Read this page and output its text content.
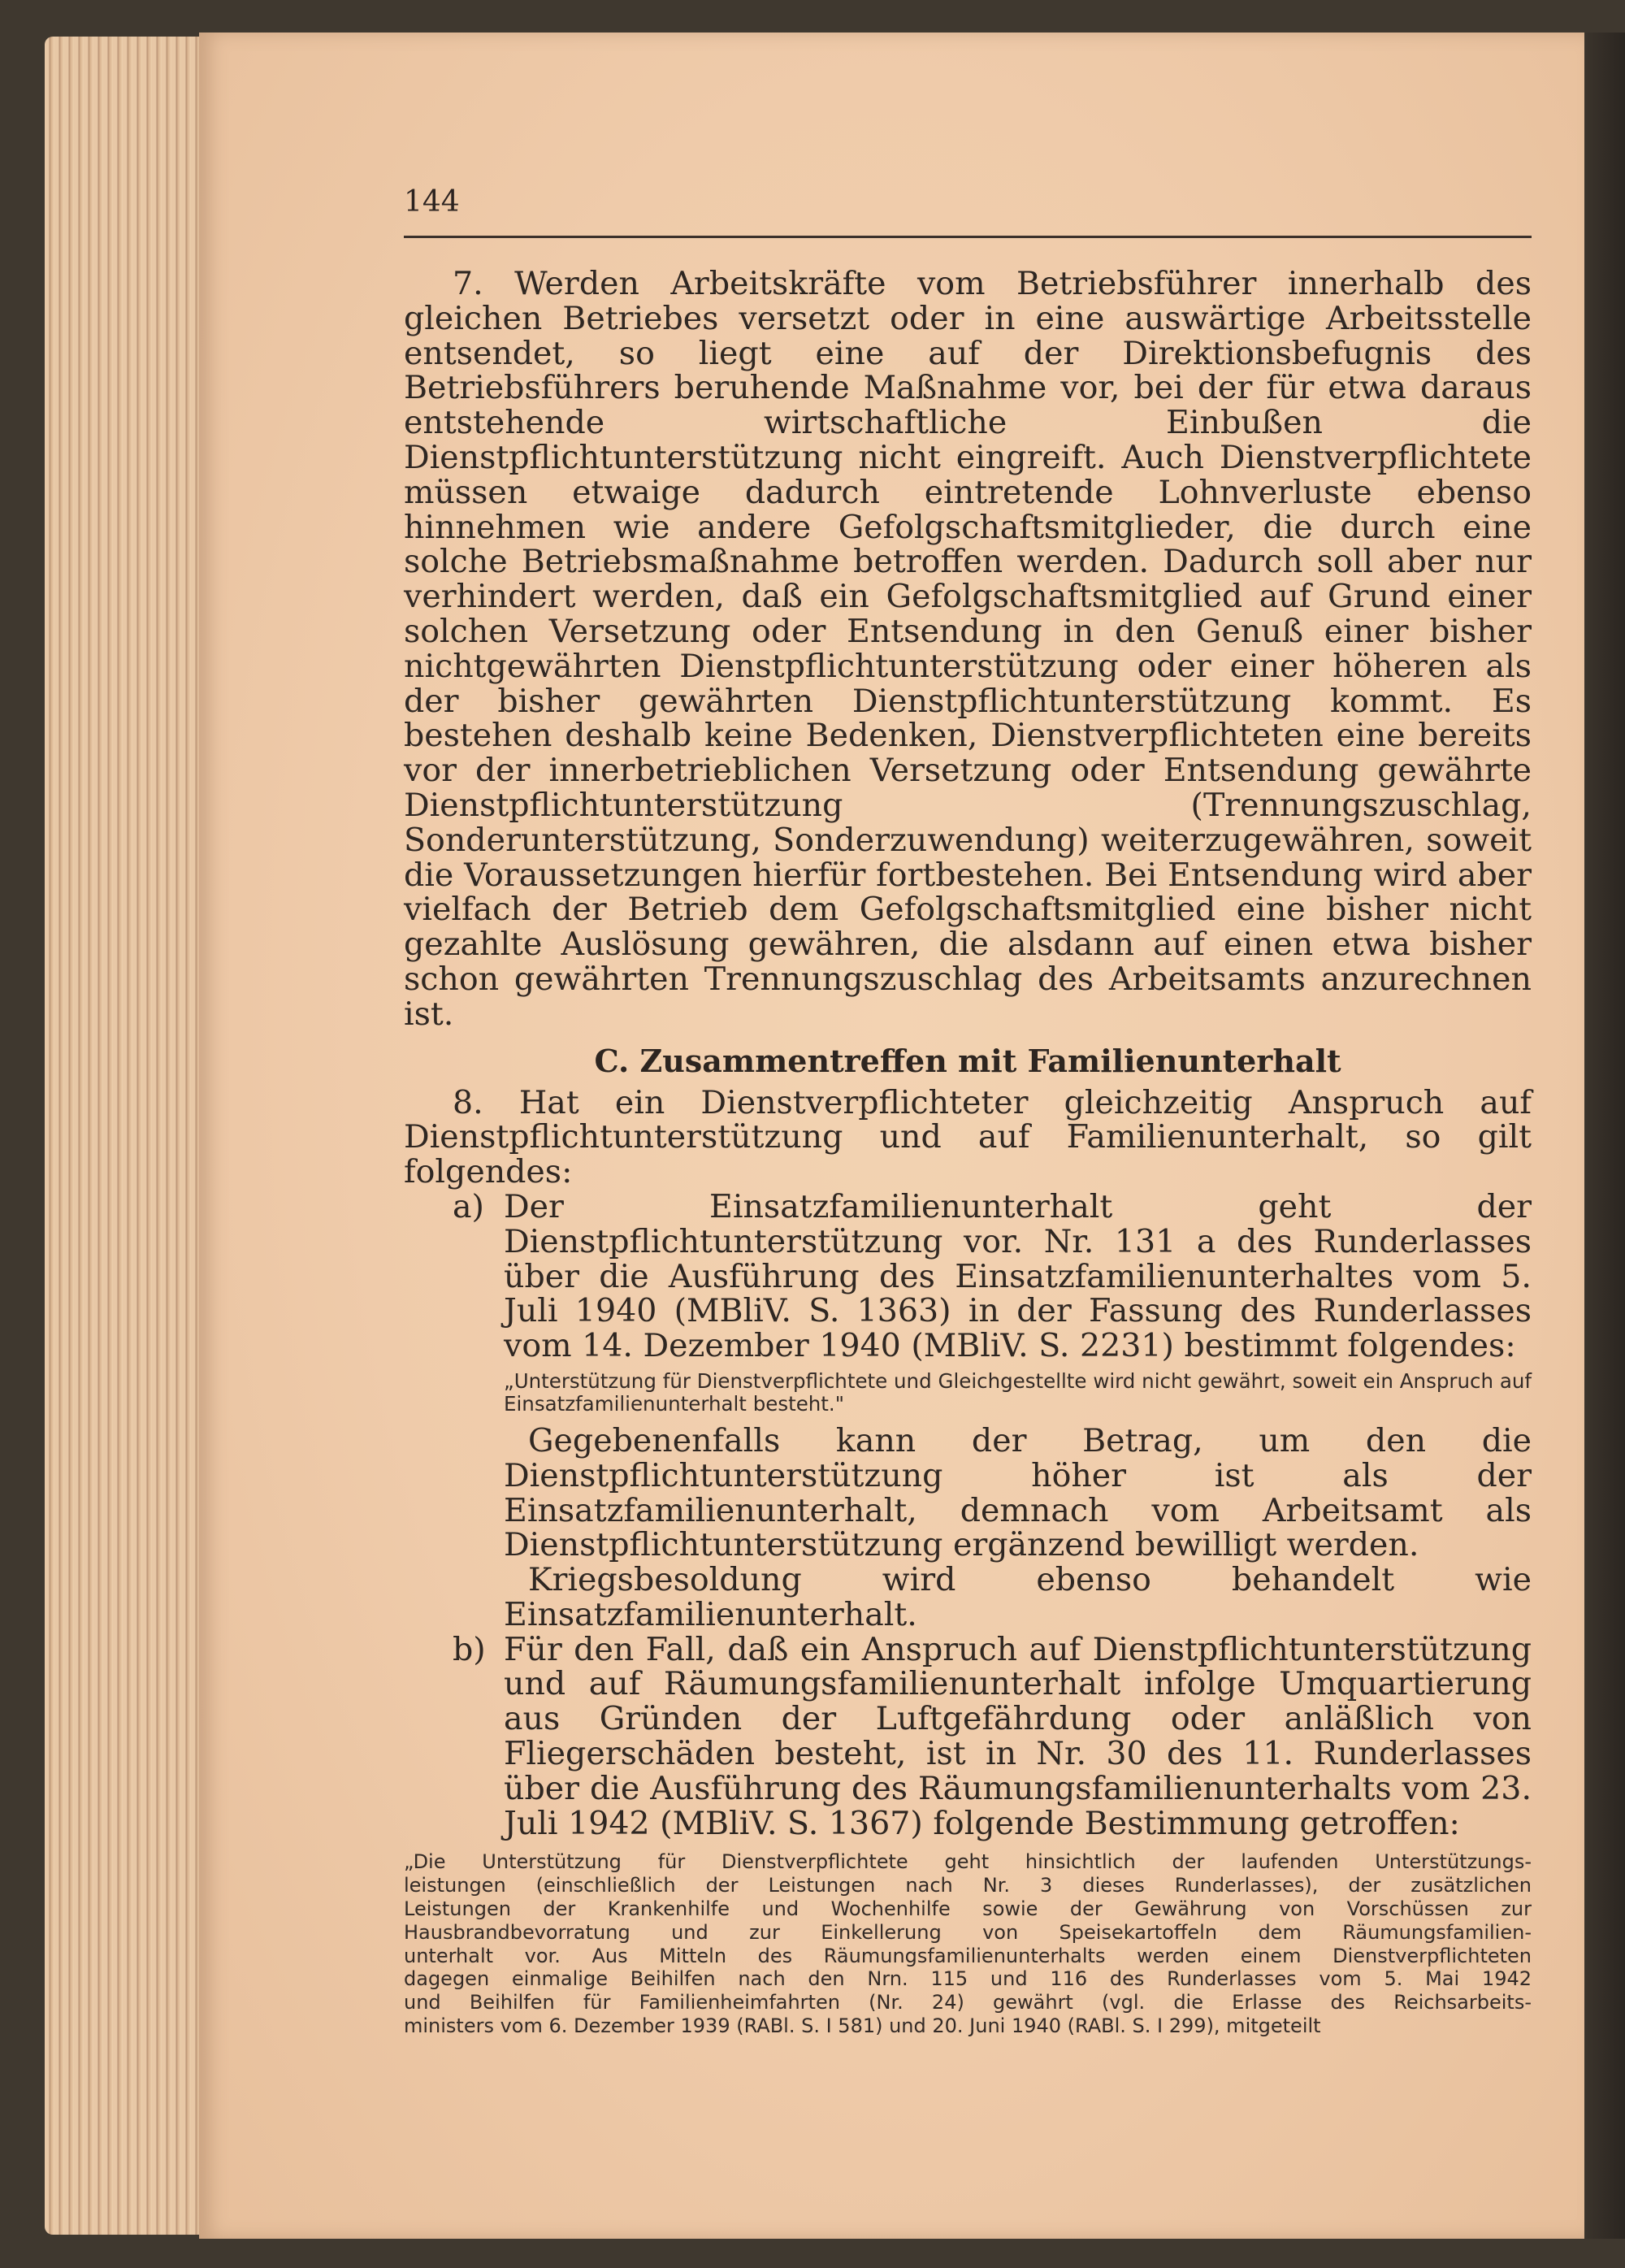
144

7. Werden Arbeitskräfte vom Betriebsführer innerhalb des gleichen Betriebes versetzt oder in eine auswärtige Arbeitsstelle entsendet, so liegt eine auf der Direktionsbefugnis des Betriebsführers beruhende Maßnahme vor, bei der für etwa daraus entstehende wirtschaftliche Einbußen die Dienstpflichtunterstützung nicht eingreift. Auch Dienstverpflichtete müssen etwaige dadurch eintretende Lohnverluste ebenso hinnehmen wie andere Gefolgschaftsmitglieder, die durch eine solche Betriebsmaßnahme betroffen werden. Dadurch soll aber nur verhindert werden, daß ein Gefolgschaftsmitglied auf Grund einer solchen Versetzung oder Entsendung in den Genuß einer bisher nichtgewährten Dienstpflichtunterstützung oder einer höheren als der bisher gewährten Dienstpflichtunterstützung kommt. Es bestehen deshalb keine Bedenken, Dienstverpflichteten eine bereits vor der innerbetrieblichen Versetzung oder Entsendung gewährte Dienstpflichtunterstützung (Trennungszuschlag, Sonderunterstützung, Sonderzuwendung) weiterzugewähren, soweit die Voraussetzungen hierfür fortbestehen. Bei Entsendung wird aber vielfach der Betrieb dem Gefolgschaftsmitglied eine bisher nicht gezahlte Auslösung gewähren, die alsdann auf einen etwa bisher schon gewährten Trennungszuschlag des Arbeitsamts anzurechnen ist.

C. Zusammentreffen mit Familienunterhalt

8. Hat ein Dienstverpflichteter gleichzeitig Anspruch auf Dienstpflichtunterstützung und auf Familienunterhalt, so gilt folgendes:

a) Der Einsatzfamilienunterhalt geht der Dienstpflichtunterstützung vor. Nr. 131 a des Runderlasses über die Ausführung des Einsatzfamilienunterhaltes vom 5. Juli 1940 (MBliV. S. 1363) in der Fassung des Runderlasses vom 14. Dezember 1940 (MBliV. S. 2231) bestimmt folgendes:

„Unterstützung für Dienstverpflichtete und Gleichgestellte wird nicht gewährt, soweit ein Anspruch auf Einsatzfamilienunterhalt besteht."

Gegebenenfalls kann der Betrag, um den die Dienstpflichtunterstützung höher ist als der Einsatzfamilienunterhalt, demnach vom Arbeitsamt als Dienstpflichtunterstützung ergänzend bewilligt werden.

Kriegsbesoldung wird ebenso behandelt wie Einsatzfamilienunterhalt.

b) Für den Fall, daß ein Anspruch auf Dienstpflichtunterstützung und auf Räumungsfamilienunterhalt infolge Umquartierung aus Gründen der Luftgefährdung oder anläßlich von Fliegerschäden besteht, ist in Nr. 30 des 11. Runderlasses über die Ausführung des Räumungsfamilienunterhalts vom 23. Juli 1942 (MBliV. S. 1367) folgende Bestimmung getroffen:

„Die Unterstützung für Dienstverpflichtete geht hinsichtlich der laufenden Unterstützungs-
leistungen (einschließlich der Leistungen nach Nr. 3 dieses Runderlasses), der zusätzlichen
Leistungen der Krankenhilfe und Wochenhilfe sowie der Gewährung von Vorschüssen zur
Hausbrandbevorratung und zur Einkellerung von Speisekartoffeln dem Räumungsfamilien-
unterhalt vor. Aus Mitteln des Räumungsfamilienunterhalts werden einem Dienstverpflichteten
dagegen einmalige Beihilfen nach den Nrn. 115 und 116 des Runderlasses vom 5. Mai 1942
und Beihilfen für Familienheimfahrten (Nr. 24) gewährt (vgl. die Erlasse des Reichsarbeits-
ministers vom 6. Dezember 1939 (RABl. S. I 581) und 20. Juni 1940 (RABl. S. I 299), mitgeteilt
